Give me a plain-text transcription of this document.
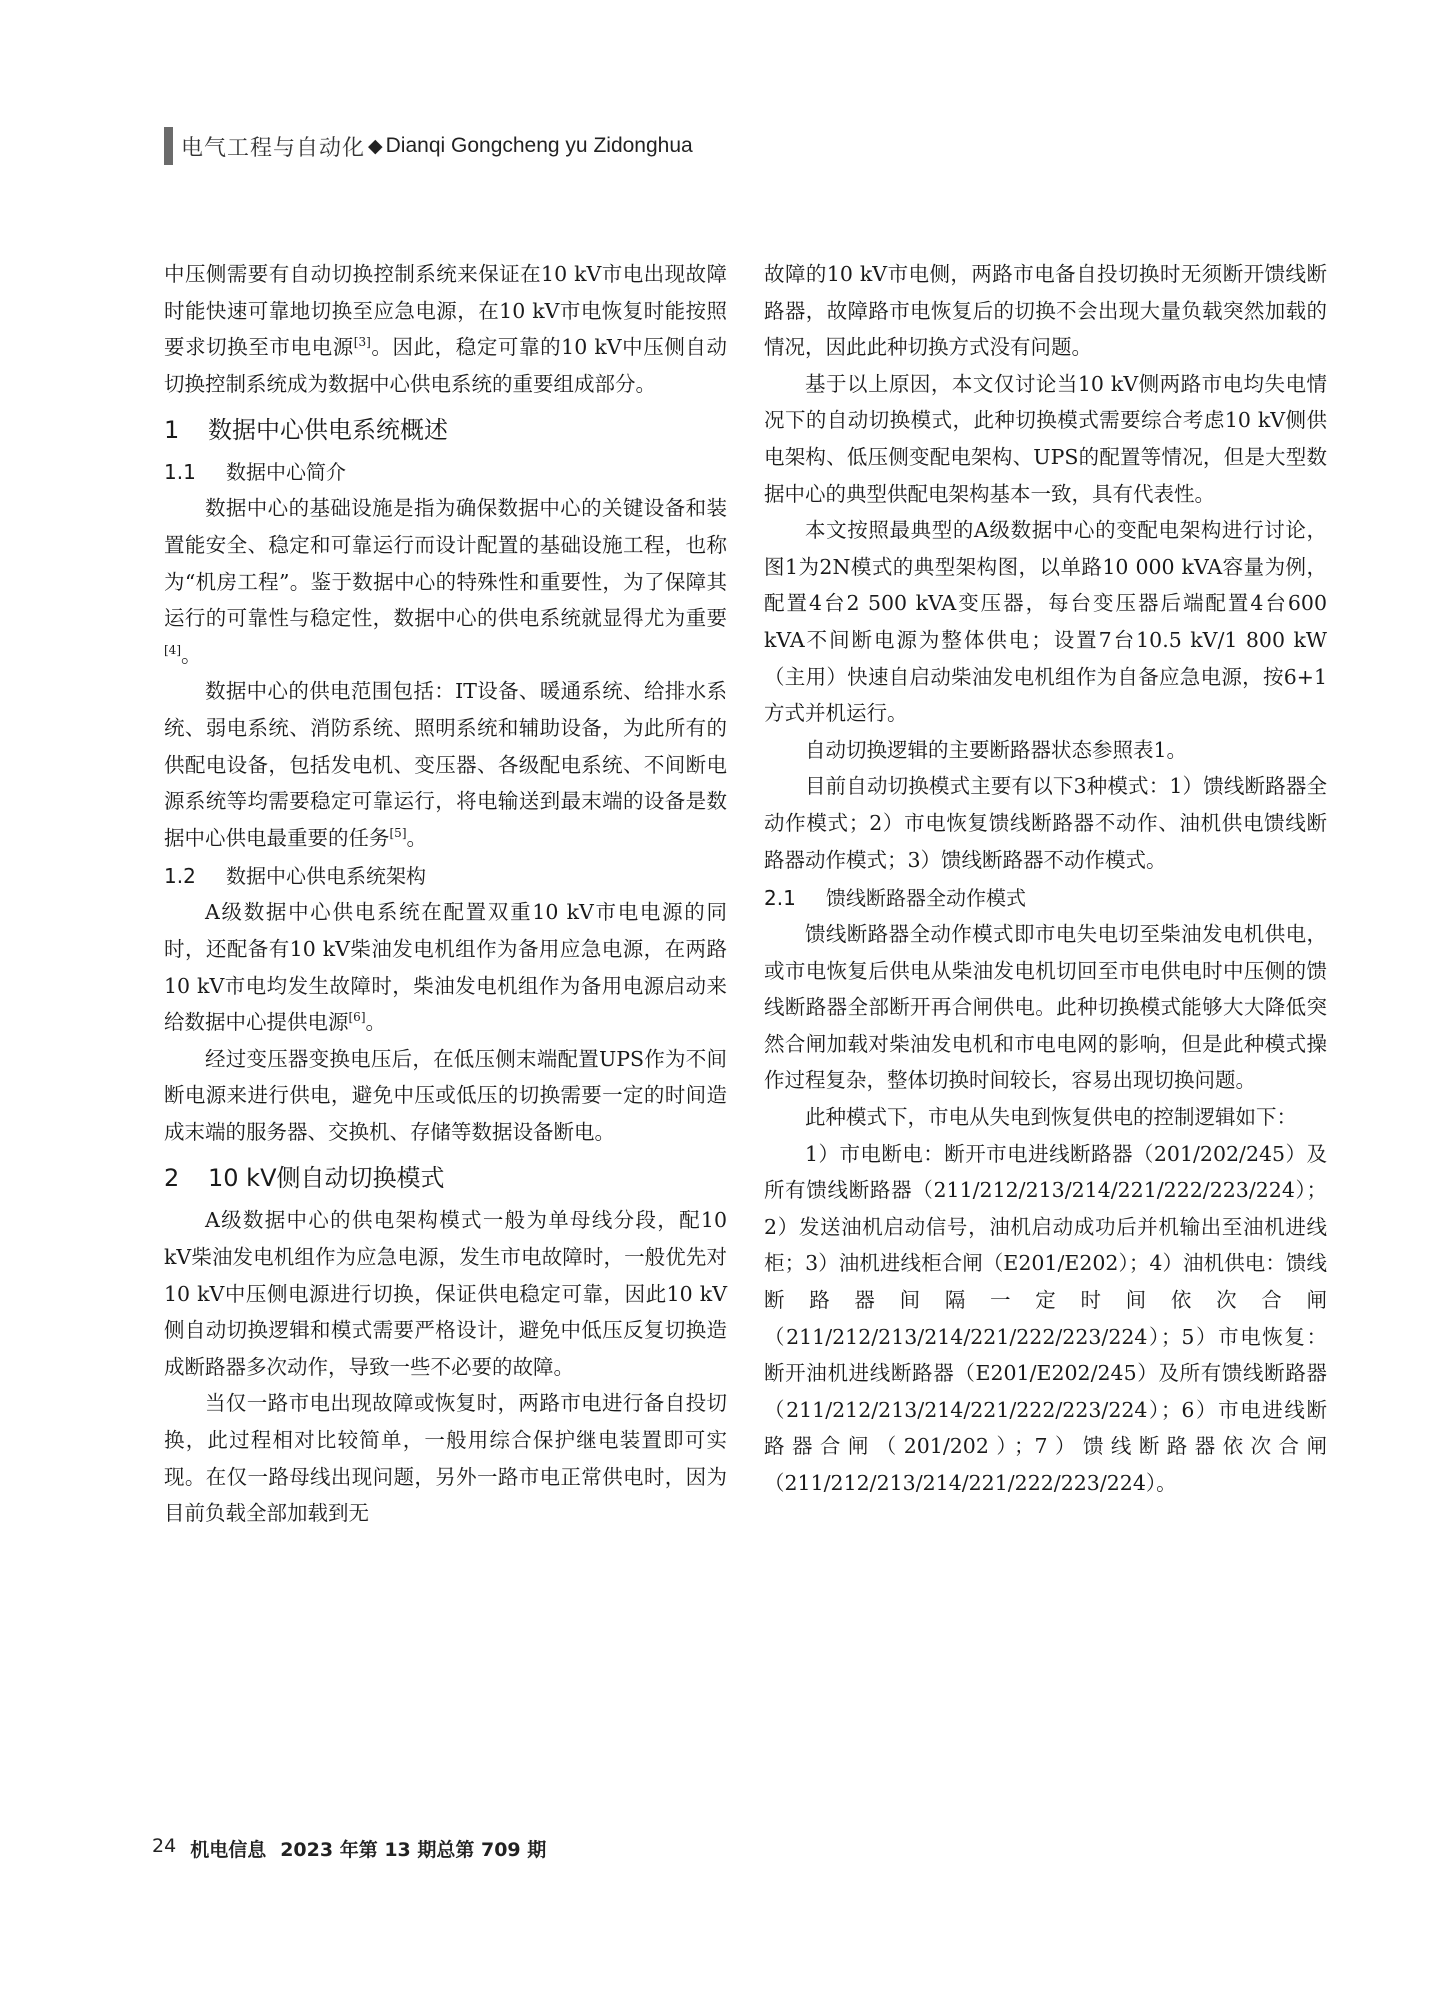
电气工程与自动化 ◆ Dianqi Gongcheng yu Zidonghua

中压侧需要有自动切换控制系统来保证在10 kV市电出现故障时能快速可靠地切换至应急电源，在10 kV市电恢复时能按照要求切换至市电电源[3]。因此，稳定可靠的10 kV中压侧自动切换控制系统成为数据中心供电系统的重要组成部分。

1 数据中心供电系统概述
1.1 数据中心简介

数据中心的基础设施是指为确保数据中心的关键设备和装置能安全、稳定和可靠运行而设计配置的基础设施工程，也称为“机房工程”。鉴于数据中心的特殊性和重要性，为了保障其运行的可靠性与稳定性，数据中心的供电系统就显得尤为重要[4]。

数据中心的供电范围包括：IT设备、暖通系统、给排水系统、弱电系统、消防系统、照明系统和辅助设备，为此所有的供配电设备，包括发电机、变压器、各级配电系统、不间断电源系统等均需要稳定可靠运行，将电输送到最末端的设备是数据中心供电最重要的任务[5]。

1.2 数据中心供电系统架构

A级数据中心供电系统在配置双重10 kV市电电源的同时，还配备有10 kV柴油发电机组作为备用应急电源，在两路10 kV市电均发生故障时，柴油发电机组作为备用电源启动来给数据中心提供电源[6]。

经过变压器变换电压后，在低压侧末端配置UPS作为不间断电源来进行供电，避免中压或低压的切换需要一定的时间造成末端的服务器、交换机、存储等数据设备断电。

2 10 kV侧自动切换模式

A级数据中心的供电架构模式一般为单母线分段，配10 kV柴油发电机组作为应急电源，发生市电故障时，一般优先对10 kV中压侧电源进行切换，保证供电稳定可靠，因此10 kV侧自动切换逻辑和模式需要严格设计，避免中低压反复切换造成断路器多次动作，导致一些不必要的故障。

当仅一路市电出现故障或恢复时，两路市电进行备自投切换，此过程相对比较简单，一般用综合保护继电装置即可实现。在仅一路母线出现问题，另外一路市电正常供电时，因为目前负载全部加载到无

故障的10 kV市电侧，两路市电备自投切换时无须断开馈线断路器，故障路市电恢复后的切换不会出现大量负载突然加载的情况，因此此种切换方式没有问题。

基于以上原因，本文仅讨论当10 kV侧两路市电均失电情况下的自动切换模式，此种切换模式需要综合考虑10 kV侧供电架构、低压侧变配电架构、UPS的配置等情况，但是大型数据中心的典型供配电架构基本一致，具有代表性。

本文按照最典型的A级数据中心的变配电架构进行讨论，图1为2N模式的典型架构图，以单路10 000 kVA容量为例，配置4台2 500 kVA变压器，每台变压器后端配置4台600 kVA不间断电源为整体供电；设置7台10.5 kV/1 800 kW（主用）快速自启动柴油发电机组作为自备应急电源，按6+1方式并机运行。

自动切换逻辑的主要断路器状态参照表1。

目前自动切换模式主要有以下3种模式：1）馈线断路器全动作模式；2）市电恢复馈线断路器不动作、油机供电馈线断路器动作模式；3）馈线断路器不动作模式。

2.1 馈线断路器全动作模式

馈线断路器全动作模式即市电失电切至柴油发电机供电，或市电恢复后供电从柴油发电机切回至市电供电时中压侧的馈线断路器全部断开再合闸供电。此种切换模式能够大大降低突然合闸加载对柴油发电机和市电电网的影响，但是此种模式操作过程复杂，整体切换时间较长，容易出现切换问题。

此种模式下，市电从失电到恢复供电的控制逻辑如下：

1）市电断电：断开市电进线断路器（201/202/245）及所有馈线断路器（211/212/213/214/221/222/223/224）；2）发送油机启动信号，油机启动成功后并机输出至油机进线柜；3）油机进线柜合闸（E201/E202）；4）油机供电：馈线断路器间隔一定时间依次合闸（211/212/213/214/221/222/223/224）；5）市电恢复：断开油机进线断路器（E201/E202/245）及所有馈线断路器（211/212/213/214/221/222/223/224）；6）市电进线断路器合闸（201/202）；7）馈线断路器依次合闸（211/212/213/214/221/222/223/224）。

24 机电信息 2023 年第 13 期总第 709 期
